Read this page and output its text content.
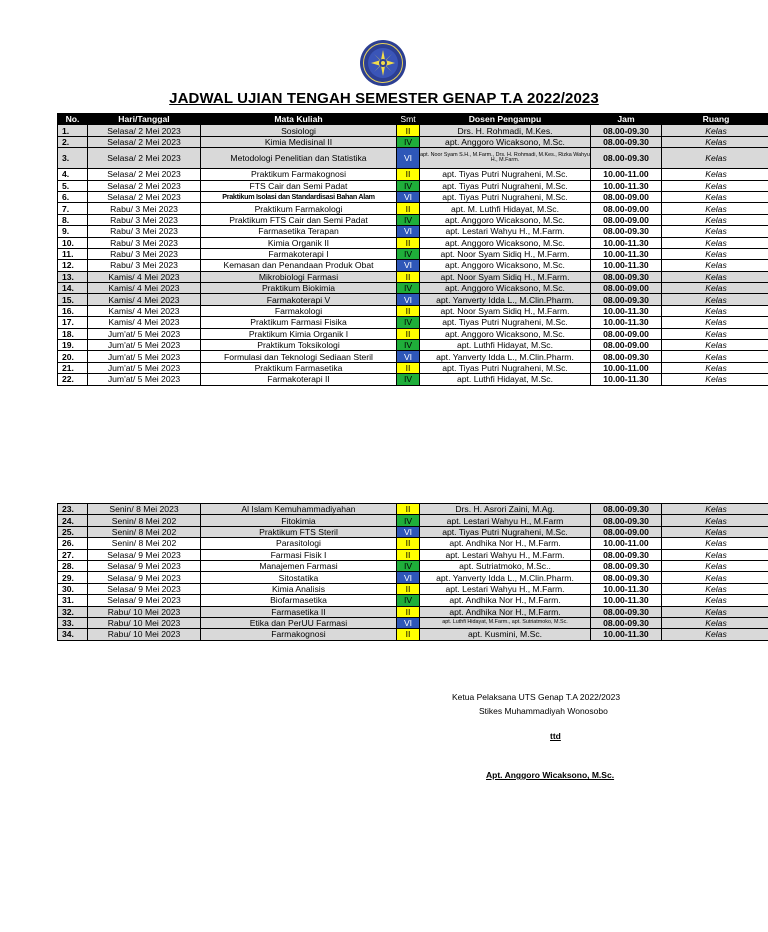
JADWAL UJIAN TENGAH SEMESTER GENAP T.A 2022/2023
No.	Hari/Tanggal	Mata Kuliah	Smt	Dosen Pengampu	Jam	Ruang
1.	Selasa/ 2 Mei 2023	Sosiologi	II	Drs. H. Rohmadi, M.Kes.	08.00-09.30	Kelas
2.	Selasa/ 2 Mei 2023	Kimia Medisinal II	IV	apt. Anggoro Wicaksono, M.Sc.	08.00-09.30	Kelas
3.	Selasa/ 2 Mei 2023	Metodologi Penelitian dan Statistika	VI	apt. Noor Syam S.H., M.Farm., Drs. H. Rohmadi, M.Kes., Rizka Wahyu H., M.Farm.	08.00-09.30	Kelas
4.	Selasa/ 2 Mei 2023	Praktikum Farmakognosi	II	apt. Tiyas Putri Nugraheni, M.Sc.	10.00-11.00	Kelas
5.	Selasa/ 2 Mei 2023	FTS Cair dan Semi Padat	IV	apt. Tiyas Putri Nugraheni, M.Sc.	10.00-11.30	Kelas
6.	Selasa/ 2 Mei 2023	Praktikum Isolasi dan Standardisasi Bahan Alam	VI	apt. Tiyas Putri Nugraheni, M.Sc.	08.00-09.00	Kelas
7.	Rabu/ 3 Mei 2023	Praktikum Farmakologi	II	apt. M. Luthfi Hidayat, M.Sc.	08.00-09.00	Kelas
8.	Rabu/ 3 Mei 2023	Praktikum FTS Cair dan Semi Padat	IV	apt. Anggoro Wicaksono, M.Sc.	08.00-09.00	Kelas
9.	Rabu/ 3 Mei 2023	Farmasetika Terapan	VI	apt. Lestari Wahyu H., M.Farm.	08.00-09.30	Kelas
10.	Rabu/ 3 Mei 2023	Kimia Organik II	II	apt. Anggoro Wicaksono, M.Sc.	10.00-11.30	Kelas
11.	Rabu/ 3 Mei 2023	Farmakoterapi I	IV	apt. Noor Syam Sidiq H., M.Farm.	10.00-11.30	Kelas
12.	Rabu/ 3 Mei 2023	Kemasan dan Penandaan Produk Obat	VI	apt. Anggoro Wicaksono, M.Sc.	10.00-11.30	Kelas
13.	Kamis/ 4 Mei 2023	Mikrobiologi Farmasi	II	apt. Noor Syam Sidiq H., M.Farm.	08.00-09.30	Kelas
14.	Kamis/ 4 Mei 2023	Praktikum Biokimia	IV	apt. Anggoro Wicaksono, M.Sc.	08.00-09.00	Kelas
15.	Kamis/ 4 Mei 2023	Farmakoterapi V	VI	apt. Yanverty Idda L., M.Clin.Pharm.	08.00-09.30	Kelas
16.	Kamis/ 4 Mei 2023	Farmakologi	II	apt. Noor Syam Sidiq H., M.Farm.	10.00-11.30	Kelas
17.	Kamis/ 4 Mei 2023	Praktikum Farmasi Fisika	IV	apt. Tiyas Putri Nugraheni, M.Sc.	10.00-11.30	Kelas
18.	Jum'at/ 5 Mei 2023	Praktikum Kimia Organik I	II	apt. Anggoro Wicaksono, M.Sc.	08.00-09.00	Kelas
19.	Jum'at/ 5 Mei 2023	Praktikum Toksikologi	IV	apt. Luthfi Hidayat, M.Sc.	08.00-09.00	Kelas
20.	Jum'at/ 5 Mei 2023	Formulasi dan Teknologi Sediaan Steril	VI	apt. Yanverty Idda L., M.Clin.Pharm.	08.00-09.30	Kelas
21.	Jum'at/ 5 Mei 2023	Praktikum Farmasetika	II	apt. Tiyas Putri Nugraheni, M.Sc.	10.00-11.00	Kelas
22.	Jum'at/ 5 Mei 2023	Farmakoterapi II	IV	apt. Luthfi Hidayat, M.Sc.	10.00-11.30	Kelas
23.	Senin/ 8 Mei 2023	Al Islam Kemuhammadiyahan	II	Drs. H. Asrori Zaini, M.Ag.	08.00-09.30	Kelas
24.	Senin/ 8 Mei 202	Fitokimia	IV	apt. Lestari Wahyu H., M.Farm	08.00-09.30	Kelas
25.	Senin/ 8 Mei 202	Praktikum FTS Steril	VI	apt. Tiyas Putri Nugraheni, M.Sc.	08.00-09.00	Kelas
26.	Senin/ 8 Mei 202	Parasitologi	II	apt. Andhika Nor H., M.Farm.	10.00-11.00	Kelas
27.	Selasa/ 9 Mei 2023	Farmasi Fisik I	II	apt. Lestari Wahyu H., M.Farm.	08.00-09.30	Kelas
28.	Selasa/ 9 Mei 2023	Manajemen Farmasi	IV	apt. Sutriatmoko, M.Sc..	08.00-09.30	Kelas
29.	Selasa/ 9 Mei 2023	Sitostatika	VI	apt. Yanverty Idda L., M.Clin.Pharm.	08.00-09.30	Kelas
30.	Selasa/ 9 Mei 2023	Kimia Analisis	II	apt. Lestari Wahyu H., M.Farm.	10.00-11.30	Kelas
31.	Selasa/ 9 Mei 2023	Biofarmasetika	IV	apt. Andhika Nor H., M.Farm.	10.00-11.30	Kelas
32.	Rabu/ 10 Mei 2023	Farmasetika II	II	apt. Andhika Nor H., M.Farm.	08.00-09.30	Kelas
33.	Rabu/ 10 Mei 2023	Etika dan PerUU Farmasi	VI	apt. Luthfi Hidayat, M.Farm., apt. Sutriatmoko, M.Sc.	08.00-09.30	Kelas
34.	Rabu/ 10 Mei 2023	Farmakognosi	II	apt. Kusmini, M.Sc.	10.00-11.30	Kelas
Ketua Pelaksana UTS Genap T.A 2022/2023
Stikes Muhammadiyah Wonosobo
ttd
Apt. Anggoro Wicaksono, M.Sc.
